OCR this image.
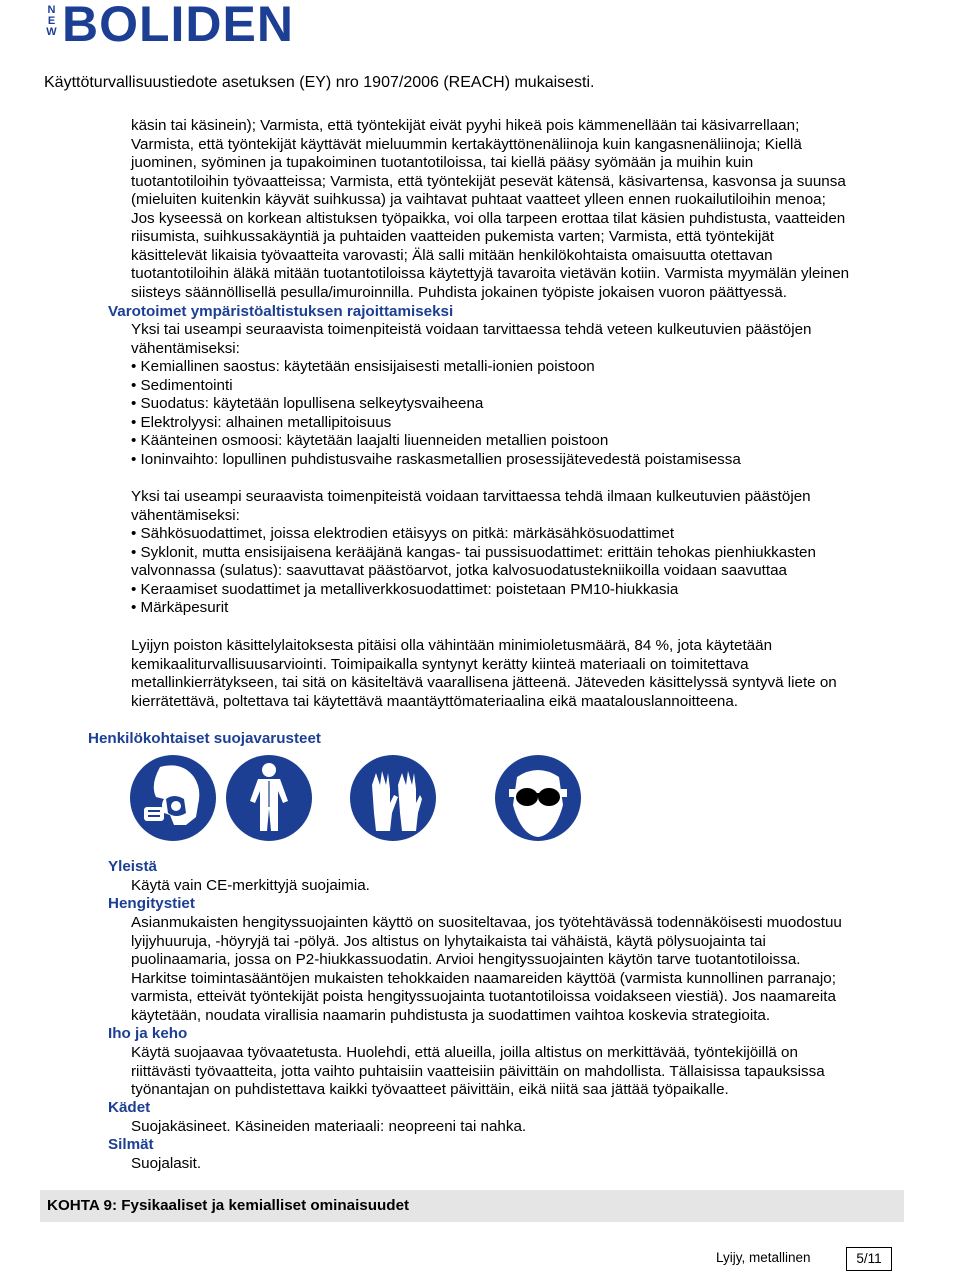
NEW BOLIDEN
Käyttöturvallisuustiedote asetuksen (EY) nro 1907/2006 (REACH) mukaisesti.

käsin tai käsinein); Varmista, että työntekijät eivät pyyhi hikeä pois kämmenellään tai käsivarrellaan;

Varmista, että työntekijät käyttävät mieluummin kertakäyttönenäliinoja kuin kangasnenäliinoja; Kiellä

juominen, syöminen ja tupakoiminen tuotantotiloissa, tai kiellä pääsy syömään ja muihin kuin

tuotantotiloihin työvaatteissa; Varmista, että työntekijät pesevät kätensä, käsivartensa, kasvonsa ja suunsa

(mieluiten kuitenkin käyvät suihkussa) ja vaihtavat puhtaat vaatteet ylleen ennen ruokailutiloihin menoa;

Jos kyseessä on korkean altistuksen työpaikka, voi olla tarpeen erottaa tilat käsien puhdistusta, vaatteiden

riisumista, suihkussakäyntiä ja puhtaiden vaatteiden pukemista varten; Varmista, että työntekijät

käsittelevät likaisia työvaatteita varovasti; Älä salli mitään henkilökohtaista omaisuutta otettavan

tuotantotiloihin äläkä mitään tuotantotiloissa käytettyjä tavaroita vietävän kotiin. Varmista myymälän yleinen

siisteys säännöllisellä pesulla/imuroinnilla. Puhdista jokainen työpiste jokaisen vuoron päättyessä.

Varotoimet ympäristöaltistuksen rajoittamiseksi

Yksi tai useampi seuraavista toimenpiteistä voidaan tarvittaessa tehdä veteen kulkeutuvien päästöjen

vähentämiseksi:

• Kemiallinen saostus: käytetään ensisijaisesti metalli-ionien poistoon

• Sedimentointi

• Suodatus: käytetään lopullisena selkeytysvaiheena

• Elektrolyysi: alhainen metallipitoisuus

• Käänteinen osmoosi: käytetään laajalti liuenneiden metallien poistoon

• Ioninvaihto: lopullinen puhdistusvaihe raskasmetallien prosessijätevedestä poistamisessa

Yksi tai useampi seuraavista toimenpiteistä voidaan tarvittaessa tehdä ilmaan kulkeutuvien päästöjen

vähentämiseksi:

• Sähkösuodattimet, joissa elektrodien etäisyys on pitkä: märkäsähkösuodattimet

• Syklonit, mutta ensisijaisena kerääjänä kangas- tai pussisuodattimet: erittäin tehokas pienhiukkasten

valvonnassa (sulatus): saavuttavat päästöarvot, jotka kalvosuodatustekniikoilla voidaan saavuttaa

• Keraamiset suodattimet ja metalliverkkosuodattimet: poistetaan PM10-hiukkasia

• Märkäpesurit

Lyijyn poiston käsittelylaitoksesta pitäisi olla vähintään minimioletusmäärä, 84 %, jota käytetään

kemikaaliturvallisuusarviointi. Toimipaikalla syntynyt kerätty kiinteä materiaali on toimitettava

metallinkierrätykseen, tai sitä on käsiteltävä vaarallisena jätteenä. Jäteveden käsittelyssä syntyvä liete on

kierrätettävä, poltettava tai käytettävä maantäyttömateriaalina eikä maatalouslannoitteena.

Henkilökohtaiset suojavarusteet
Yleistä
Käytä vain CE-merkittyjä suojaimia.
Hengitystiet
Asianmukaisten hengityssuojainten käyttö on suositeltavaa, jos työtehtävässä todennäköisesti muodostuu
lyijyhuuruja, -höyryjä tai -pölyä. Jos altistus on lyhytaikaista tai vähäistä, käytä pölysuojainta tai
puolinaamaria, jossa on P2-hiukkassuodatin. Arvioi hengityssuojainten käytön tarve tuotantotiloissa.
Harkitse toimintasääntöjen mukaisten tehokkaiden naamareiden käyttöä (varmista kunnollinen parranajo;
varmista, etteivät työntekijät poista hengityssuojainta tuotantotiloissa voidakseen viestiä). Jos naamareita
käytetään, noudata virallisia naamarin puhdistusta ja suodattimen vaihtoa koskevia strategioita.
Iho ja keho
Käytä suojaavaa työvaatetusta. Huolehdi, että alueilla, joilla altistus on merkittävää, työntekijöillä on
riittävästi työvaatteita, jotta vaihto puhtaisiin vaatteisiin päivittäin on mahdollista. Tällaisissa tapauksissa
työnantajan on puhdistettava kaikki työvaatteet päivittäin, eikä niitä saa jättää työpaikalle.
Kädet
Suojakäsineet. Käsineiden materiaali: neopreeni tai nahka.
Silmät
Suojalasit.
KOHTA 9: Fysikaaliset ja kemialliset ominaisuudet
Lyijy, metallinen	5/11
